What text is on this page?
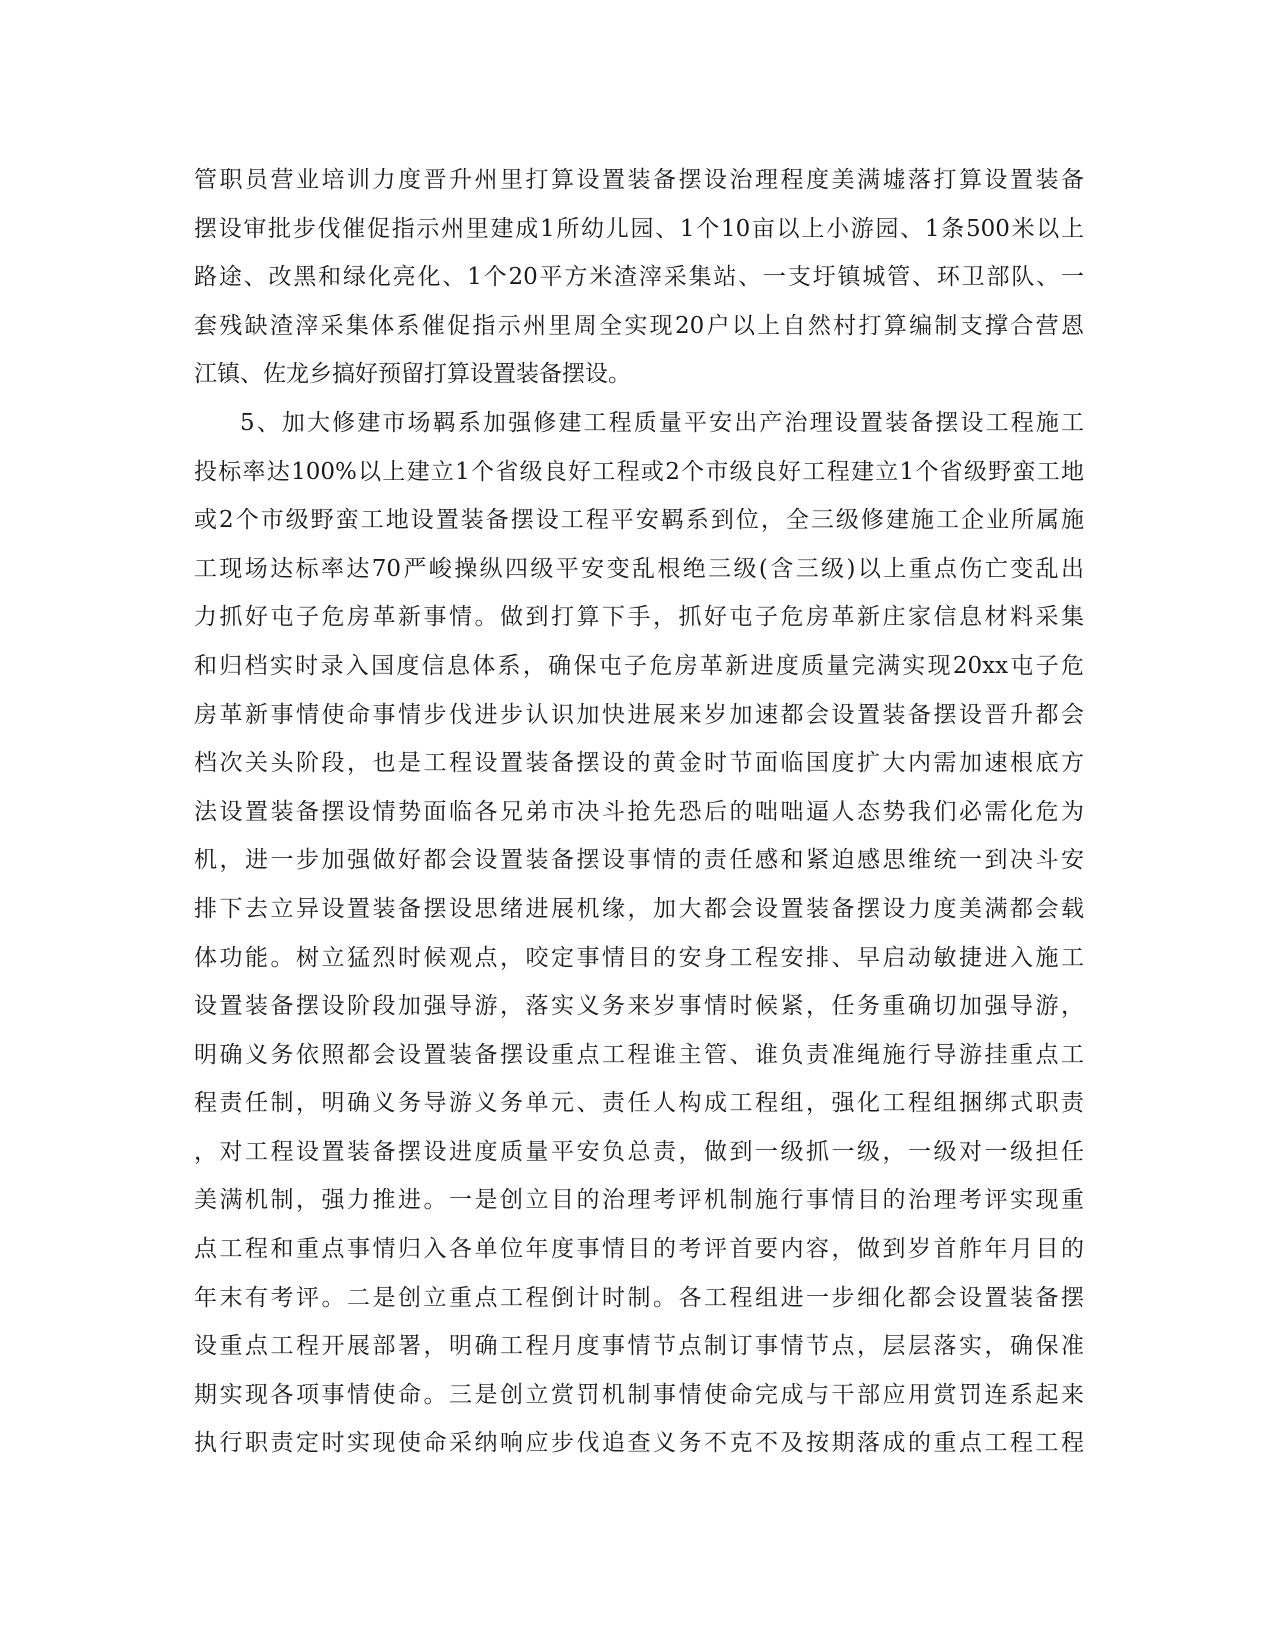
管职员营业培训力度晋升州里打算设置装备摆设治理程度美满墟落打算设置装备
摆设审批步伐催促指示州里建成1所幼儿园、1个10亩以上小游园、1条500米以上
路途、改黑和绿化亮化、1个20平方米渣滓采集站、一支圩镇城管、环卫部队、一
套残缺渣滓采集体系催促指示州里周全实现20户以上自然村打算编制支撑合营恩
江镇、佐龙乡搞好预留打算设置装备摆设。
5、加大修建市场羁系加强修建工程质量平安出产治理设置装备摆设工程施工
投标率达100%以上建立1个省级良好工程或2个市级良好工程建立1个省级野蛮工地
或2个市级野蛮工地设置装备摆设工程平安羁系到位，全三级修建施工企业所属施
工现场达标率达70严峻操纵四级平安变乱根绝三级(含三级)以上重点伤亡变乱出
力抓好屯子危房革新事情。做到打算下手，抓好屯子危房革新庄家信息材料采集
和归档实时录入国度信息体系，确保屯子危房革新进度质量完满实现20xx屯子危
房革新事情使命事情步伐进步认识加快进展来岁加速都会设置装备摆设晋升都会
档次关头阶段，也是工程设置装备摆设的黄金时节面临国度扩大内需加速根底方
法设置装备摆设情势面临各兄弟市决斗抢先恐后的咄咄逼人态势我们必需化危为
机，进一步加强做好都会设置装备摆设事情的责任感和紧迫感思维统一到决斗安
排下去立异设置装备摆设思绪进展机缘，加大都会设置装备摆设力度美满都会载
体功能。树立猛烈时候观点，咬定事情目的安身工程安排、早启动敏捷进入施工
设置装备摆设阶段加强导游，落实义务来岁事情时候紧，任务重确切加强导游，
明确义务依照都会设置装备摆设重点工程谁主管、谁负责准绳施行导游挂重点工
程责任制，明确义务导游义务单元、责任人构成工程组，强化工程组捆绑式职责
，对工程设置装备摆设进度质量平安负总责，做到一级抓一级，一级对一级担任
美满机制，强力推进。一是创立目的治理考评机制施行事情目的治理考评实现重
点工程和重点事情归入各单位年度事情目的考评首要内容，做到岁首舴年月目的
年末有考评。二是创立重点工程倒计时制。各工程组进一步细化都会设置装备摆
设重点工程开展部署，明确工程月度事情节点制订事情节点，层层落实，确保准
期实现各项事情使命。三是创立赏罚机制事情使命完成与干部应用赏罚连系起来
执行职责定时实现使命采纳响应步伐追查义务不克不及按期落成的重点工程工程
